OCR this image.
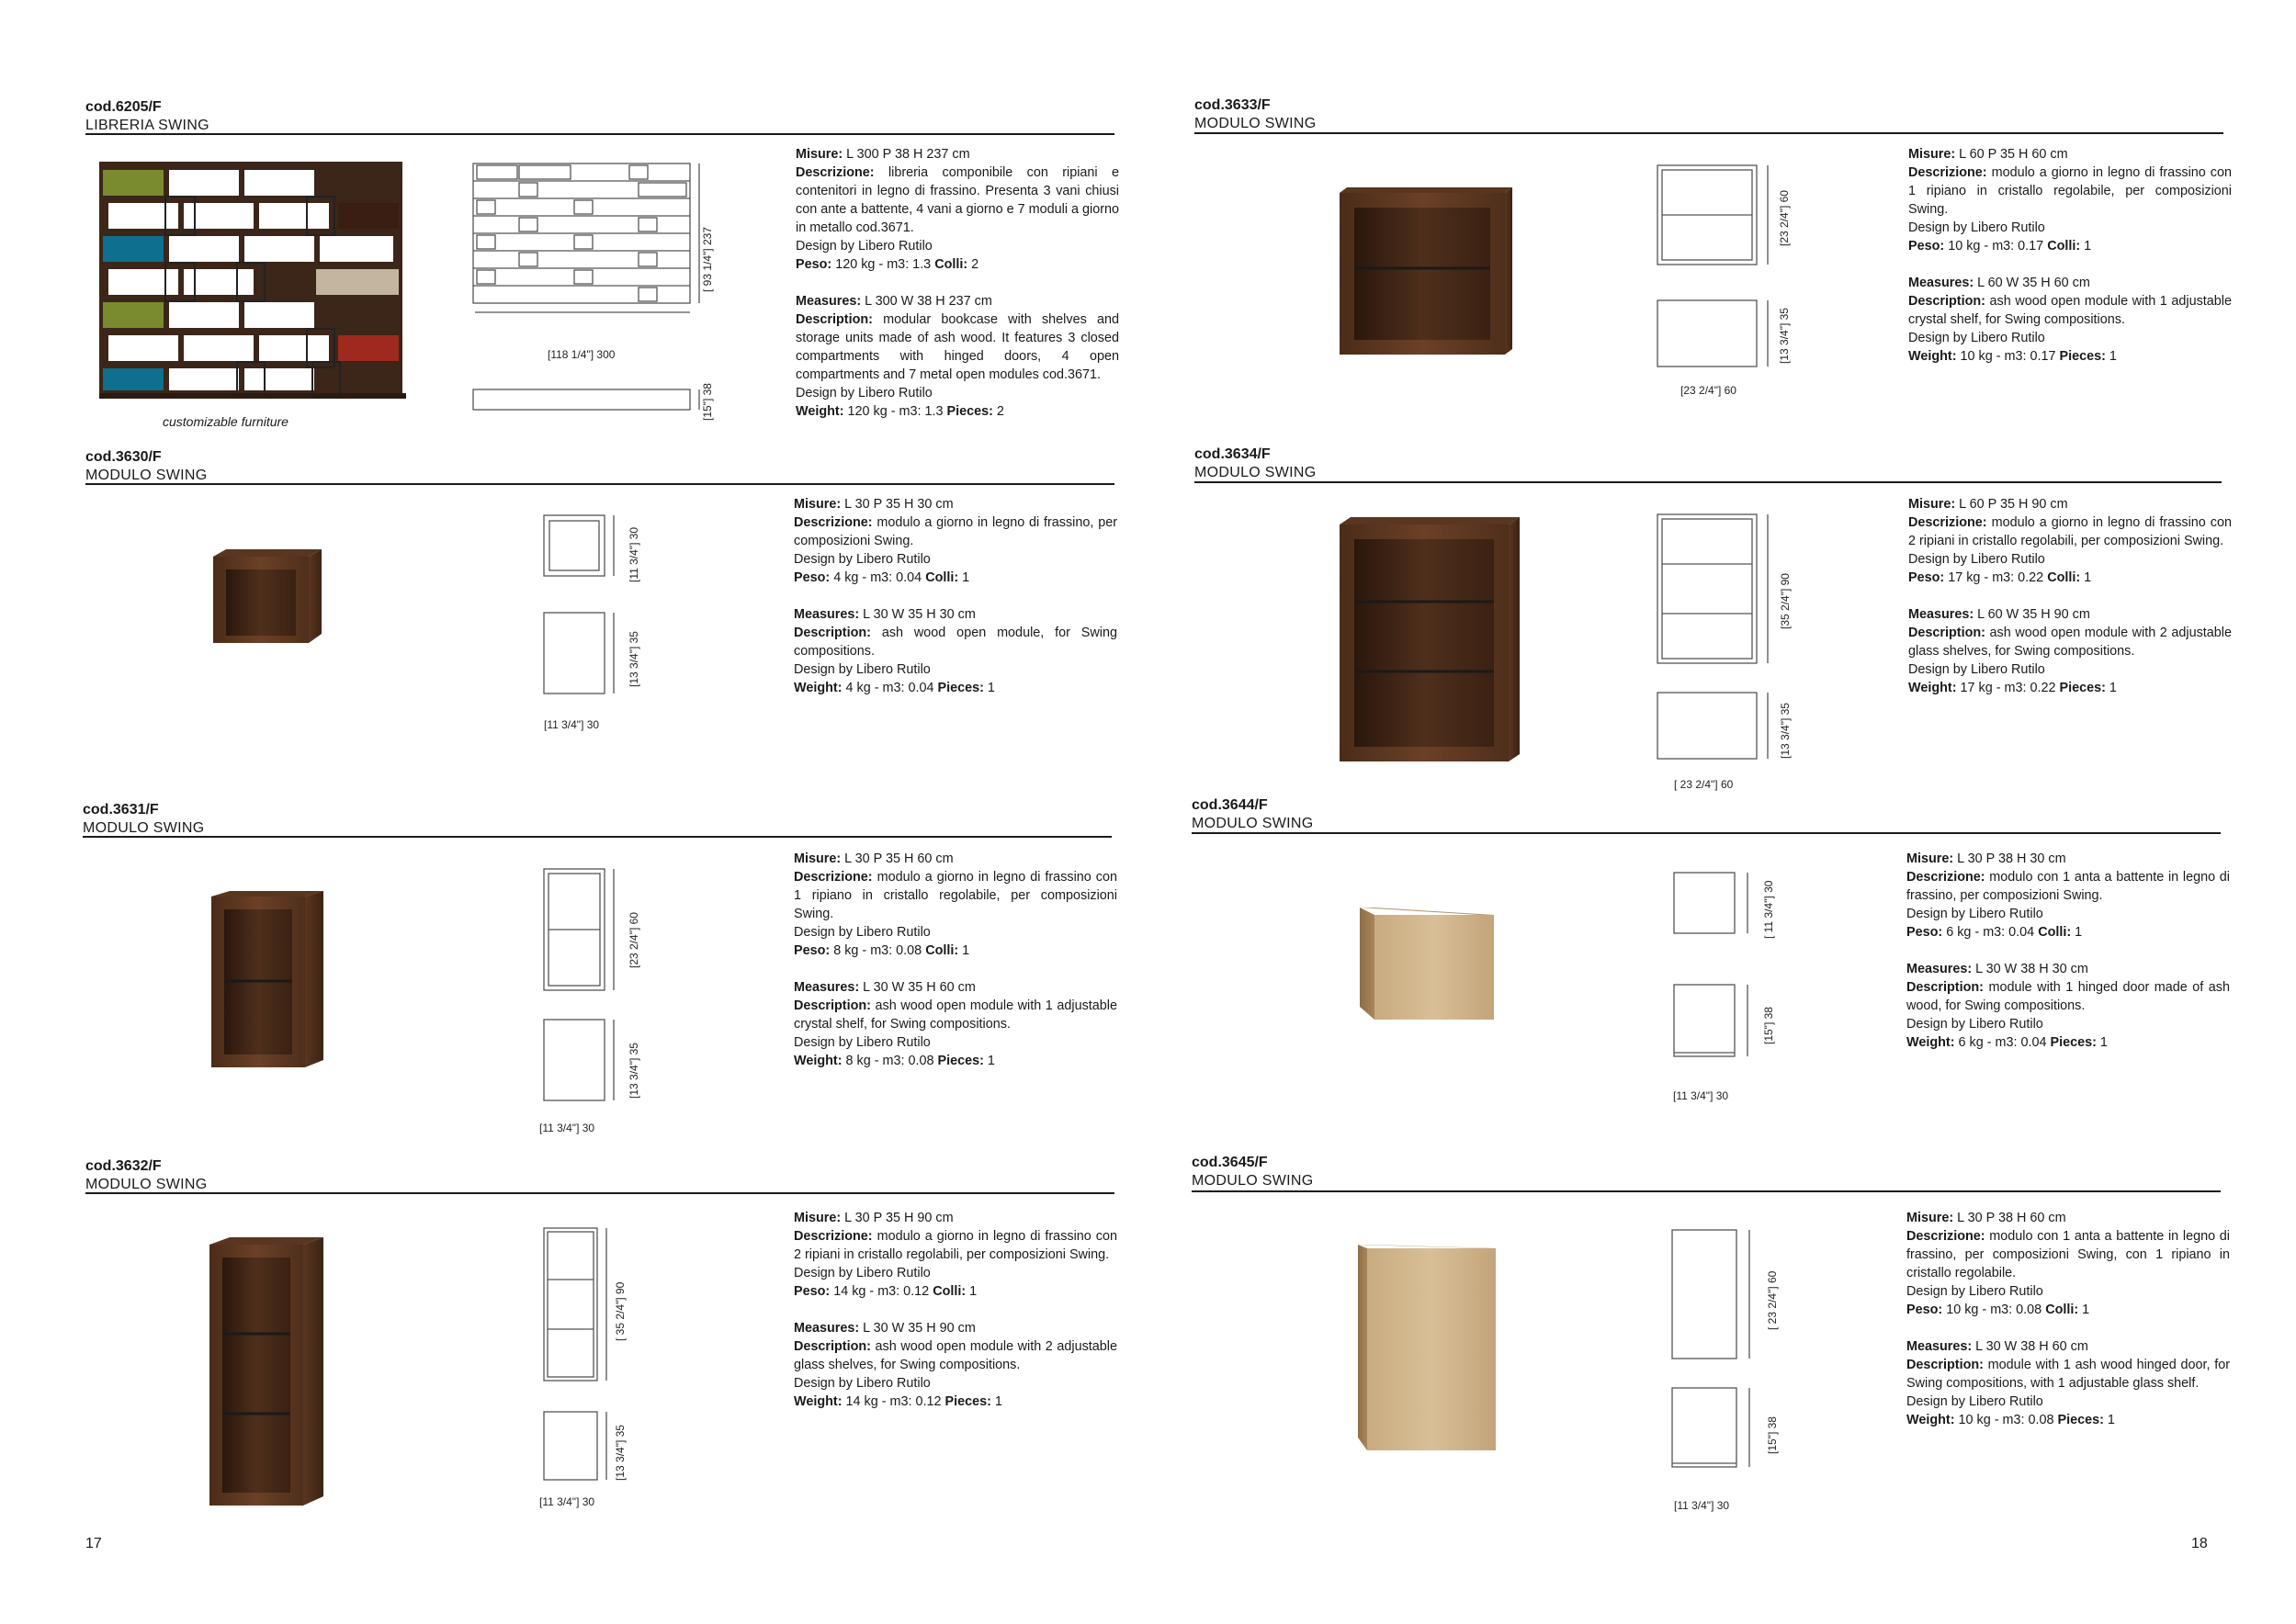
cod.6205/F
LIBRERIA SWING
customizable furniture
[118 1/4"] 300
[ 93 1/4"] 237
[15"] 38

Misure: L 300 P 38 H 237 cm

Descrizione: libreria componibile con ripiani e contenitori in legno di frassino. Presenta 3 vani chiusi con ante a battente, 4 vani a giorno e 7 moduli a giorno in metallo cod.3671.

Design by Libero Rutilo

Peso: 120 kg - m3: 1.3 Colli: 2

Measures: L 300 W 38 H 237 cm

Description: modular bookcase with shelves and storage units made of ash wood. It features 3 closed compartments with hinged doors, 4 open compartments and 7 metal open modules cod.3671.

Design by Libero Rutilo

Weight: 120 kg - m3: 1.3 Pieces: 2

cod.3630/F
MODULO SWING
[11 3/4"] 30
[13 3/4"] 35
[11 3/4"] 30

Misure: L 30 P 35 H 30 cm

Descrizione: modulo a giorno in legno di frassino, per composizioni Swing.

Design by Libero Rutilo

Peso: 4 kg - m3: 0.04 Colli: 1

Measures: L 30 W 35 H 30 cm

Description: ash wood open module, for Swing compositions.

Design by Libero Rutilo

Weight: 4 kg - m3: 0.04 Pieces: 1

cod.3631/F
MODULO SWING
[23 2/4"] 60
[13 3/4"] 35
[11 3/4"] 30

Misure: L 30 P 35 H 60 cm

Descrizione: modulo a giorno in legno di frassino con 1 ripiano in cristallo regolabile, per composizioni Swing.

Design by Libero Rutilo

Peso: 8 kg - m3: 0.08 Colli: 1

Measures: L 30 W 35 H 60 cm

Description: ash wood open module with 1 adjustable crystal shelf, for Swing compositions.

Design by Libero Rutilo

Weight: 8 kg - m3: 0.08 Pieces: 1

cod.3632/F
MODULO SWING
[ 35 2/4"] 90
[13 3/4"] 35
[11 3/4"] 30

Misure: L 30 P 35 H 90 cm

Descrizione: modulo a giorno in legno di frassino con 2 ripiani in cristallo regolabili, per composizioni Swing.

Design by Libero Rutilo

Peso: 14 kg - m3: 0.12 Colli: 1

Measures: L 30 W 35 H 90 cm

Description: ash wood open module with 2 adjustable glass shelves, for Swing compositions.

Design by Libero Rutilo

Weight: 14 kg - m3: 0.12 Pieces: 1

cod.3633/F
MODULO SWING
[23 2/4"] 60
[23 2/4"] 60
[13 3/4"] 35

Misure: L 60 P 35 H 60 cm

Descrizione: modulo a giorno in legno di frassino con 1 ripiano in cristallo regolabile, per composizioni Swing.

Design by Libero Rutilo

Peso: 10 kg - m3: 0.17 Colli: 1

Measures: L 60 W 35 H 60 cm

Description: ash wood open module with 1 adjustable crystal shelf, for Swing compositions.

Design by Libero Rutilo

Weight: 10 kg - m3: 0.17 Pieces: 1

cod.3634/F
MODULO SWING
[35 2/4"] 90
[13 3/4"] 35
[ 23 2/4"] 60

Misure: L 60 P 35 H 90 cm

Descrizione: modulo a giorno in legno di frassino con 2 ripiani in cristallo regolabili, per composizioni Swing.

Design by Libero Rutilo

Peso: 17 kg - m3: 0.22 Colli: 1

Measures: L 60 W 35 H 90 cm

Description: ash wood open module with 2 adjustable glass shelves, for Swing compositions.

Design by Libero Rutilo

Weight: 17 kg - m3: 0.22 Pieces: 1

cod.3644/F
MODULO SWING
[ 11 3/4"] 30
[15"] 38
[11 3/4"] 30

Misure: L 30 P 38 H 30 cm

Descrizione: modulo con 1 anta a battente in legno di frassino, per composizioni Swing.

Design by Libero Rutilo

Peso: 6 kg - m3: 0.04 Colli: 1

Measures: L 30 W 38 H 30 cm

Description: module with 1 hinged door made of ash wood, for Swing compositions.

Design by Libero Rutilo

Weight: 6 kg - m3: 0.04 Pieces: 1

cod.3645/F
MODULO SWING
[ 23 2/4"] 60
[15"] 38
[11 3/4"] 30

Misure: L 30 P 38 H 60 cm

Descrizione: modulo con 1 anta a battente in legno di frassino, per composizioni Swing, con 1 ripiano in cristallo regolabile.

Design by Libero Rutilo

Peso: 10 kg - m3: 0.08 Colli: 1

Measures: L 30 W 38 H 60 cm

Description: module with 1 ash wood hinged door, for Swing compositions, with 1 adjustable glass shelf.

Design by Libero Rutilo

Weight: 10 kg - m3: 0.08 Pieces: 1

17	18
